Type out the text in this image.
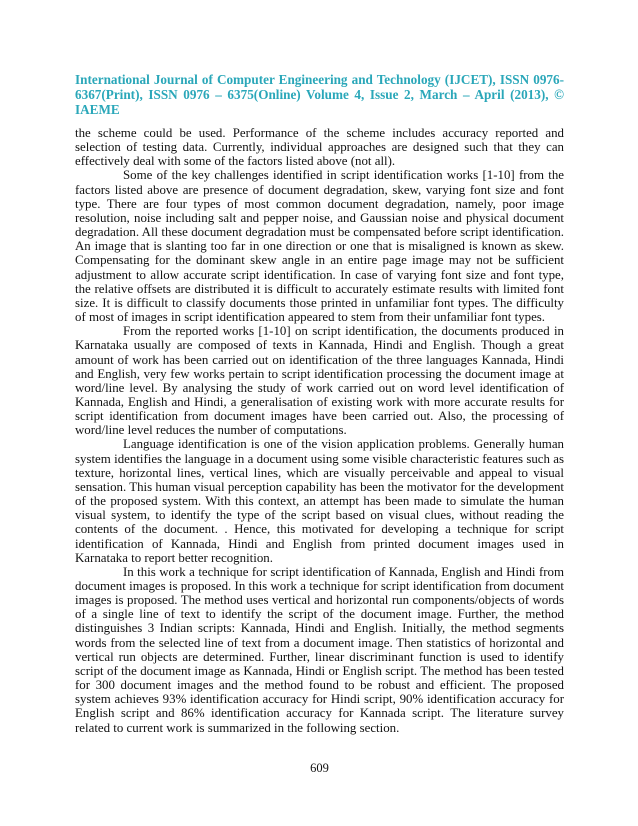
International Journal of Computer Engineering and Technology (IJCET), ISSN 0976-6367(Print), ISSN 0976 – 6375(Online) Volume 4, Issue 2, March – April (2013), © IAEME

the scheme could be used. Performance of the scheme includes accuracy reported and selection of testing data. Currently, individual approaches are designed such that they can effectively deal with some of the factors listed above (not all).

Some of the key challenges identified in script identification works [1-10] from the factors listed above are presence of document degradation, skew, varying font size and font type. There are four types of most common document degradation, namely, poor image resolution, noise including salt and pepper noise, and Gaussian noise and physical document degradation. All these document degradation must be compensated before script identification. An image that is slanting too far in one direction or one that is misaligned is known as skew. Compensating for the dominant skew angle in an entire page image may not be sufficient adjustment to allow accurate script identification. In case of varying font size and font type, the relative offsets are distributed it is difficult to accurately estimate results with limited font size. It is difficult to classify documents those printed in unfamiliar font types. The difficulty of most of images in script identification appeared to stem from their unfamiliar font types.

From the reported works [1-10] on script identification, the documents produced in Karnataka usually are composed of texts in Kannada, Hindi and English. Though a great amount of work has been carried out on identification of the three languages Kannada, Hindi and English, very few works pertain to script identification processing the document image at word/line level. By analysing the study of work carried out on word level identification of Kannada, English and Hindi, a generalisation of existing work with more accurate results for script identification from document images have been carried out. Also, the processing of word/line level reduces the number of computations.

Language identification is one of the vision application problems. Generally human system identifies the language in a document using some visible characteristic features such as texture, horizontal lines, vertical lines, which are visually perceivable and appeal to visual sensation. This human visual perception capability has been the motivator for the development of the proposed system. With this context, an attempt has been made to simulate the human visual system, to identify the type of the script based on visual clues, without reading the contents of the document. . Hence, this motivated for developing a technique for script identification of Kannada, Hindi and English from printed document images used in Karnataka to report better recognition.

In this work a technique for script identification of Kannada, English and Hindi from document images is proposed. In this work a technique for script identification from document images is proposed. The method uses vertical and horizontal run components/objects of words of a single line of text to identify the script of the document image. Further, the method distinguishes 3 Indian scripts: Kannada, Hindi and English. Initially, the method segments words from the selected line of text from a document image. Then statistics of horizontal and vertical run objects are determined. Further, linear discriminant function is used to identify script of the document image as Kannada, Hindi or English script. The method has been tested for 300 document images and the method found to be robust and efficient. The proposed system achieves 93% identification accuracy for Hindi script, 90% identification accuracy for English script and 86% identification accuracy for Kannada script. The literature survey related to current work is summarized in the following section.

609
